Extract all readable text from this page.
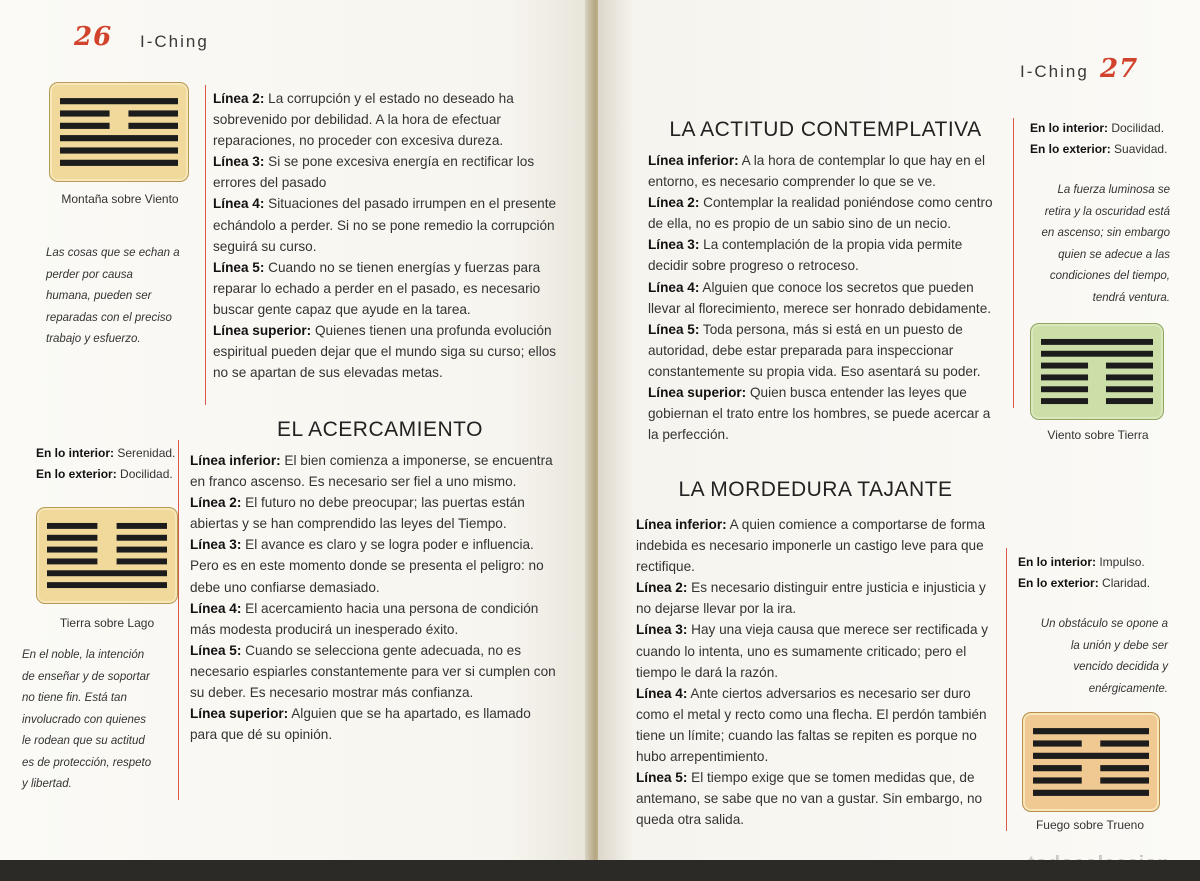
26 I-Ching
Montaña sobre Viento
Las cosas que se echan a
perder por causa
humana, pueden ser
reparadas con el preciso
trabajo y esfuerzo.
En lo interior: Serenidad.
En lo exterior: Docilidad.
Tierra sobre Lago
En el noble, la intención
de enseñar y de soportar
no tiene fin. Está tan
involucrado con quienes
le rodean que su actitud
es de protección, respeto
y libertad.

Línea 2: La corrupción y el estado no deseado ha sobrevenido por debilidad. A la hora de efectuar reparaciones, no proceder con excesiva dureza.

Línea 3: Si se pone excesiva energía en rectificar los errores del pasado

Línea 4: Situaciones del pasado irrumpen en el presente echándolo a perder. Si no se pone remedio la corrupción seguirá su curso.

Línea 5: Cuando no se tienen energías y fuerzas para reparar lo echado a perder en el pasado, es necesario buscar gente capaz que ayude en la tarea.

Línea superior: Quienes tienen una profunda evolución espiritual pueden dejar que el mundo siga su curso; ellos no se apartan de sus elevadas metas.

EL ACERCAMIENTO

Línea inferior: El bien comienza a imponerse, se encuentra en franco ascenso. Es necesario ser fiel a uno mismo.

Línea 2: El futuro no debe preocupar; las puertas están abiertas y se han comprendido las leyes del Tiempo.

Línea 3: El avance es claro y se logra poder e influencia. Pero es en este momento donde se presenta el peligro: no debe uno confiarse demasiado.

Línea 4: El acercamiento hacia una persona de condición más modesta producirá un inesperado éxito.

Línea 5: Cuando se selecciona gente adecuada, no es necesario espiarles constantemente para ver si cumplen con su deber. Es necesario mostrar más confianza.

Línea superior: Alguien que se ha apartado, es llamado para que dé su opinión.

I-Ching 27
LA ACTITUD CONTEMPLATIVA

Línea inferior: A la hora de contemplar lo que hay en el entorno, es necesario comprender lo que se ve.

Línea 2: Contemplar la realidad poniéndose como centro de ella, no es propio de un sabio sino de un necio.

Línea 3: La contemplación de la propia vida permite decidir sobre progreso o retroceso.

Línea 4: Alguien que conoce los secretos que pueden llevar al florecimiento, merece ser honrado debidamente.

Línea 5: Toda persona, más si está en un puesto de autoridad, debe estar preparada para inspeccionar constantemente su propia vida. Eso asentará su poder.

Línea superior: Quien busca entender las leyes que gobiernan el trato entre los hombres, se puede acercar a la perfección.

LA MORDEDURA TAJANTE

Línea inferior: A quien comience a comportarse de forma indebida es necesario imponerle un castigo leve para que rectifique.

Línea 2: Es necesario distinguir entre justicia e injusticia y no dejarse llevar por la ira.

Línea 3: Hay una vieja causa que merece ser rectificada y cuando lo intenta, uno es sumamente criticado; pero el tiempo le dará la razón.

Línea 4: Ante ciertos adversarios es necesario ser duro como el metal y recto como una flecha. El perdón también tiene un límite; cuando las faltas se repiten es porque no hubo arrepentimiento.

Línea 5: El tiempo exige que se tomen medidas que, de antemano, se sabe que no van a gustar. Sin embargo, no queda otra salida.

En lo interior: Docilidad.
En lo exterior: Suavidad.
La fuerza luminosa se
retira y la oscuridad está
en ascenso; sin embargo
quien se adecue a las
condiciones del tiempo,
tendrá ventura.
Viento sobre Tierra
En lo interior: Impulso.
En lo exterior: Claridad.
Un obstáculo se opone a
la unión y debe ser
vencido decidida y
enérgicamente.
Fuego sobre Trueno
